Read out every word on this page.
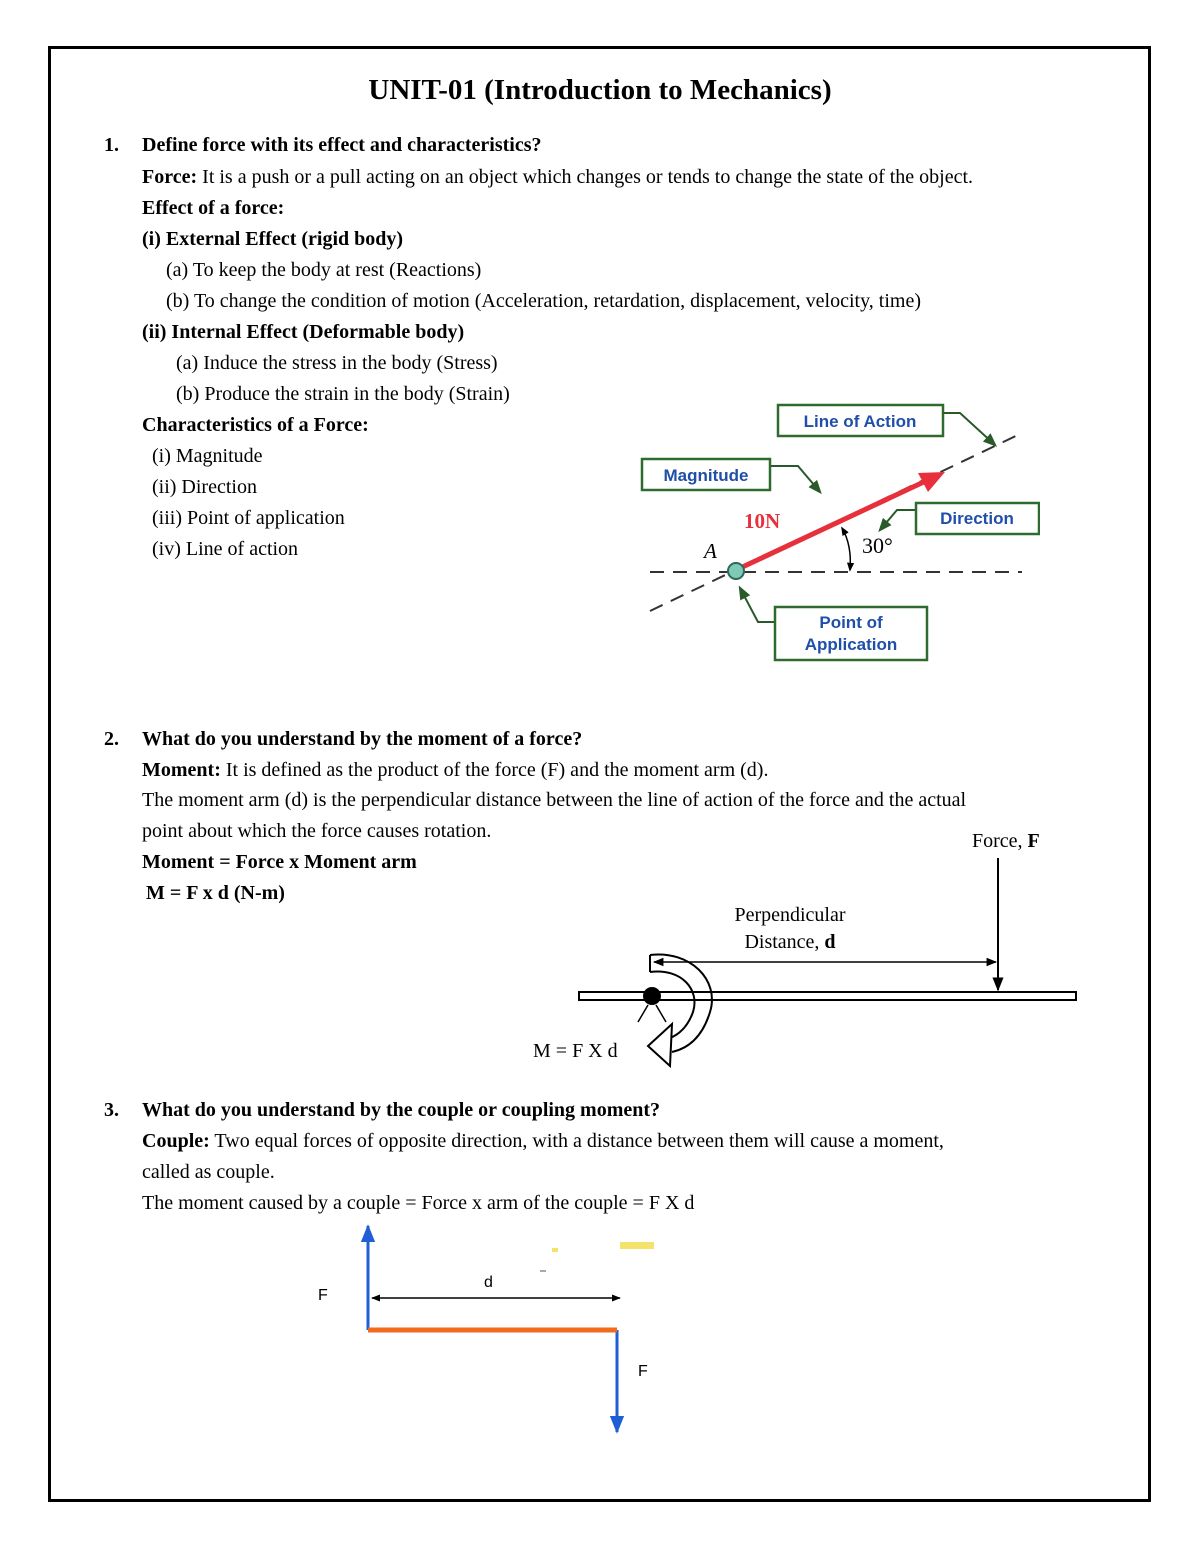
UNIT-01 (Introduction to Mechanics)
1. Define force with its effect and characteristics?
Force: It is a push or a pull acting on an object which changes or tends to change the state of the object.
Effect of a force:
(i) External Effect (rigid body)
(a) To keep the body at rest (Reactions)
(b) To change the condition of motion (Acceleration, retardation, displacement, velocity, time)
(ii) Internal Effect (Deformable body)
(a) Induce the stress in the body (Stress)
(b) Produce the strain in the body (Strain)
Characteristics of a Force:
(i) Magnitude
(ii) Direction
(iii) Point of application
(iv) Line of action	A
10N
30°
Line of Action
Magnitude
Direction
Point of
Application
2. What do you understand by the moment of a force?
Moment: It is defined as the product of the force (F) and the moment arm (d).
The moment arm (d) is the perpendicular distance between the line of action of the force and the actual
point about which the force causes rotation.
Moment = Force x Moment arm
M = F x d (N-m)
Force, F
Perpendicular
Distance, d
M = F X d
3. What do you understand by the couple or coupling moment?
Couple: Two equal forces of opposite direction, with a distance between them will cause a moment,
called as couple.
The moment caused by a couple = Force x arm of the couple = F X d
d
F
F
